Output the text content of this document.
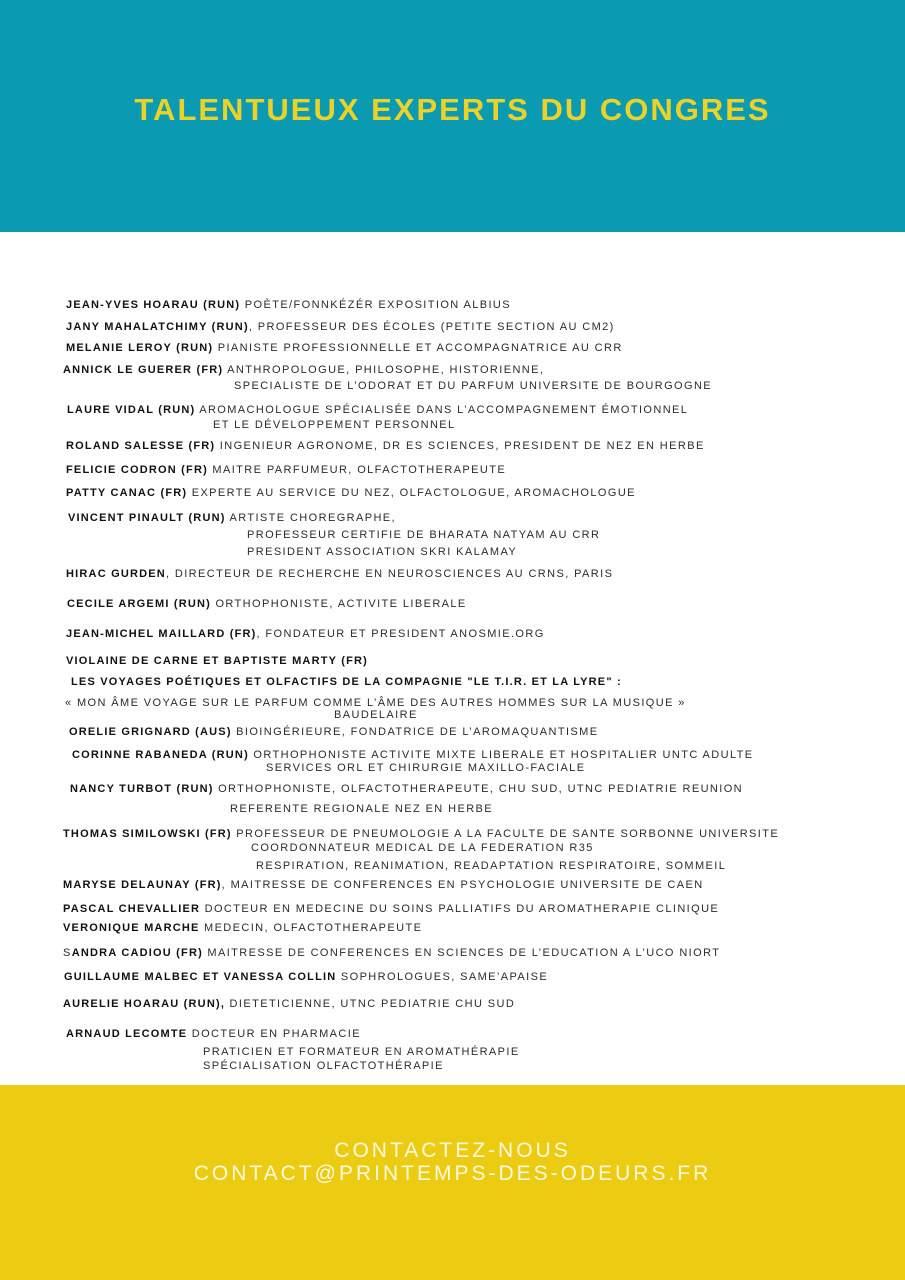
TALENTUEUX EXPERTS DU CONGRES
JEAN-YVES HOARAU (RUN) POÈTE/FONNKÉZÉR EXPOSITION ALBIUS
JANY MAHALATCHIMY (RUN), PROFESSEUR DES ÉCOLES (PETITE SECTION AU CM2)
MELANIE LEROY (RUN) PIANISTE PROFESSIONNELLE ET ACCOMPAGNATRICE AU CRR
ANNICK LE GUERER (FR) ANTHROPOLOGUE, PHILOSOPHE, HISTORIENNE,
SPECIALISTE DE L’ODORAT ET DU PARFUM UNIVERSITE DE BOURGOGNE
LAURE VIDAL (RUN) AROMACHOLOGUE SPÉCIALISÉE DANS L’ACCOMPAGNEMENT ÉMOTIONNEL
ET LE DÉVELOPPEMENT PERSONNEL
ROLAND SALESSE (FR) INGENIEUR AGRONOME, DR ES SCIENCES, PRESIDENT DE NEZ EN HERBE
FELICIE CODRON (FR) MAITRE PARFUMEUR, OLFACTOTHERAPEUTE
PATTY CANAC (FR) EXPERTE AU SERVICE DU NEZ, OLFACTOLOGUE, AROMACHOLOGUE
VINCENT PINAULT (RUN) ARTISTE CHOREGRAPHE,
PROFESSEUR CERTIFIE DE BHARATA NATYAM AU CRR
PRESIDENT ASSOCIATION SKRI KALAMAY
HIRAC GURDEN, DIRECTEUR DE RECHERCHE EN NEUROSCIENCES AU CRNS, PARIS
CECILE ARGEMI (RUN) ORTHOPHONISTE, ACTIVITE LIBERALE
JEAN-MICHEL MAILLARD (FR), FONDATEUR ET PRESIDENT ANOSMIE.ORG
VIOLAINE DE CARNE ET BAPTISTE MARTY (FR)
LES VOYAGES POÉTIQUES ET OLFACTIFS DE LA COMPAGNIE "LE T.I.R. ET LA LYRE" :
« MON ÂME VOYAGE SUR LE PARFUM COMME L’ÂME DES AUTRES HOMMES SUR LA MUSIQUE »
BAUDELAIRE
ORELIE GRIGNARD (AUS) BIOINGÉRIEURE, FONDATRICE DE L’AROMAQUANTISME
CORINNE RABANEDA (RUN) ORTHOPHONISTE ACTIVITE MIXTE LIBERALE ET HOSPITALIER UNTC ADULTE
SERVICES ORL ET CHIRURGIE MAXILLO-FACIALE
NANCY TURBOT (RUN) ORTHOPHONISTE, OLFACTOTHERAPEUTE, CHU SUD, UTNC PEDIATRIE REUNION
REFERENTE REGIONALE NEZ EN HERBE
THOMAS SIMILOWSKI (FR) PROFESSEUR DE PNEUMOLOGIE A LA FACULTE DE SANTE SORBONNE UNIVERSITE
COORDONNATEUR MEDICAL DE LA FEDERATION R35
RESPIRATION, REANIMATION, READAPTATION RESPIRATOIRE, SOMMEIL
MARYSE DELAUNAY (FR), MAITRESSE DE CONFERENCES EN PSYCHOLOGIE UNIVERSITE DE CAEN
PASCAL CHEVALLIER DOCTEUR EN MEDECINE DU SOINS PALLIATIFS DU AROMATHERAPIE CLINIQUE
VERONIQUE MARCHE MEDECIN, OLFACTOTHERAPEUTE
SANDRA CADIOU (FR) MAITRESSE DE CONFERENCES EN SCIENCES DE L’EDUCATION A L’UCO NIORT
GUILLAUME MALBEC ET VANESSA COLLIN SOPHROLOGUES, SAME’APAISE
AURELIE HOARAU (RUN), DIETETICIENNE, UTNC PEDIATRIE CHU SUD
ARNAUD LECOMTE DOCTEUR EN PHARMACIE
PRATICIEN ET FORMATEUR EN AROMATHÉRAPIE
SPÉCIALISATION OLFACTOTHÉRAPIE
CONTACTEZ-NOUS
CONTACT@PRINTEMPS-DES-ODEURS.FR
